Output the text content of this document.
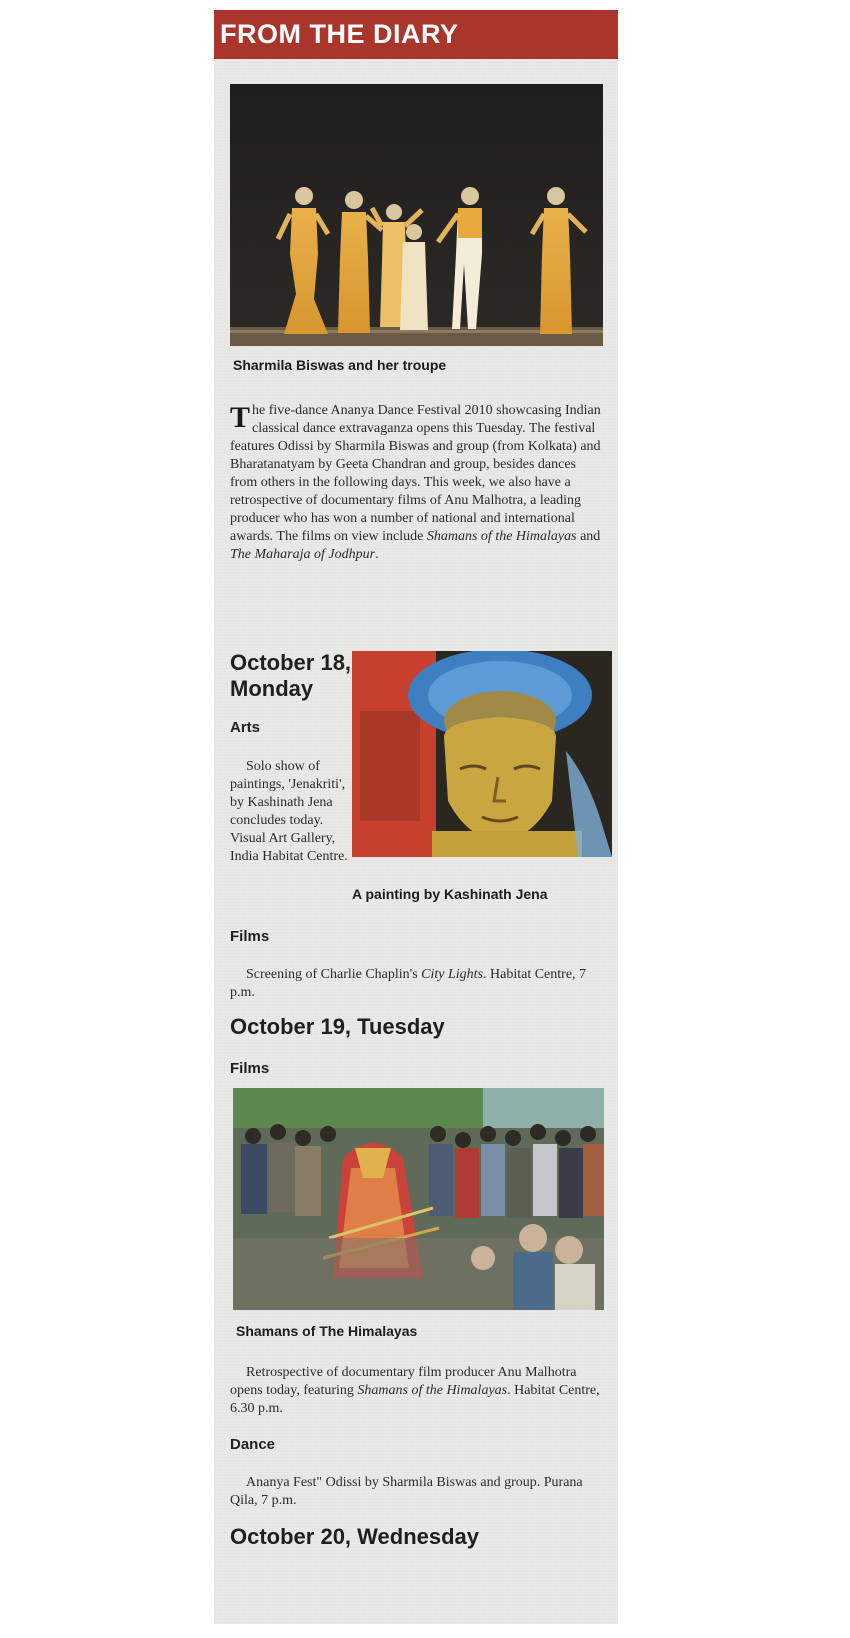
FROM THE DIARY
Sharmila Biswas and her troupe
The five-dance Ananya Dance Festival 2010 showcasing Indian classical dance extravaganza opens this Tuesday. The festival features Odissi by Sharmila Biswas and group (from Kolkata) and Bharatanatyam by Geeta Chandran and group, besides dances from others in the following days. This week, we also have a retrospective of documentary films of Anu Malhotra, a leading producer who has won a number of national and international awards. The films on view include Shamans of the Himalayas and The Maharaja of Jodhpur.
October 18,
Monday
Arts
Solo show of paintings, 'Jenakriti', by Kashinath Jena concludes today. Visual Art Gallery, India Habitat Centre.
A painting by Kashinath Jena
Films
Screening of Charlie Chaplin's City Lights. Habitat Centre, 7 p.m.
October 19, Tuesday
Films
Shamans of The Himalayas
Retrospective of documentary film producer Anu Malhotra opens today, featuring Shamans of the Himalayas. Habitat Centre, 6.30 p.m.
Dance
Ananya Fest" Odissi by Sharmila Biswas and group. Purana Qila, 7 p.m.
October 20, Wednesday
